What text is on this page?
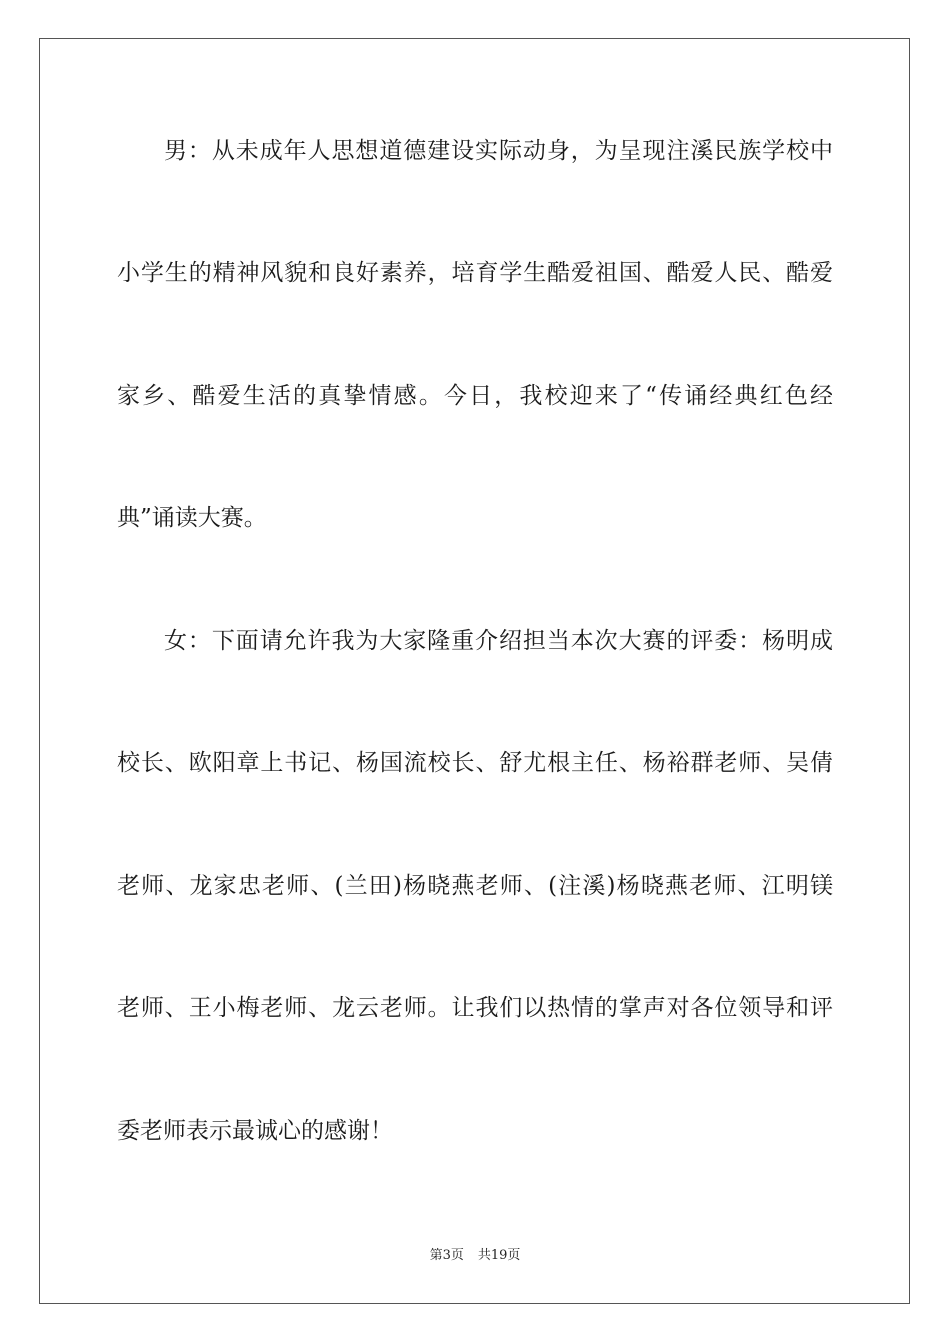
男：从未成年人思想道德建设实际动身，为呈现注溪民族学校中
小学生的精神风貌和良好素养，培育学生酷爱祖国、酷爱人民、酷爱
家乡、酷爱生活的真挚情感。今日，我校迎来了“传诵经典红色经
典”诵读大赛。
女：下面请允许我为大家隆重介绍担当本次大赛的评委：杨明成
校长、欧阳章上书记、杨国流校长、舒尤根主任、杨裕群老师、吴倩
老师、龙家忠老师、(兰田)杨晓燕老师、(注溪)杨晓燕老师、江明镁
老师、王小梅老师、龙云老师。让我们以热情的掌声对各位领导和评
委老师表示最诚心的感谢！
第3页 共19页
